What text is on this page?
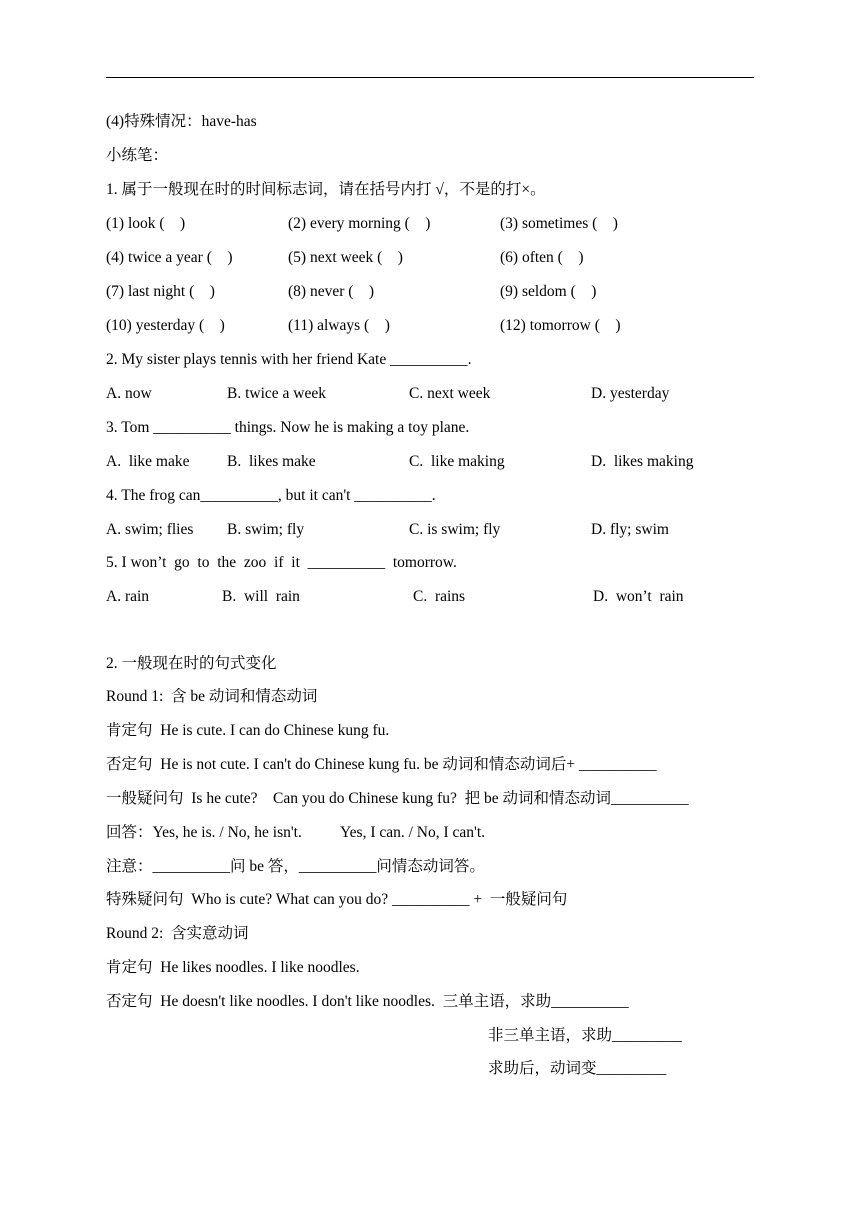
(4)特殊情况：have-has
小练笔：
1. 属于一般现在时的时间标志词，请在括号内打 √，不是的打×。
(1) look (    )	(2) every morning (    )	(3) sometimes (    )
(4) twice a year (    )	(5) next week (    )	(6) often (    )
(7) last night (    )	(8) never (    )	(9) seldom (    )
(10) yesterday (    )	(11) always (    )	(12) tomorrow (    )
2. My sister plays tennis with her friend Kate __________.
A. now	B. twice a week	C. next week	D. yesterday
3. Tom __________ things. Now he is making a toy plane.
A.  like make B.  likes make	C.  like making	D.  likes making
4. The frog can__________, but it can't __________.
A. swim; flies B. swim; fly	C. is swim; fly	D. fly; swim
5. I won’t  go  to  the  zoo  if  it  __________  tomorrow.
A. rain	B.  will  rain	C.  rains	D.  won’t  rain
2. 一般现在时的句式变化
Round 1:  含 be 动词和情态动词
肯定句  He is cute. I can do Chinese kung fu.
否定句  He is not cute. I can't do Chinese kung fu. be 动词和情态动词后+ __________
一般疑问句  Is he cute?    Can you do Chinese kung fu?  把 be 动词和情态动词__________
回答：Yes, he is. / No, he isn't.          Yes, I can. / No, I can't.
注意：__________问 be 答，__________问情态动词答。
特殊疑问句  Who is cute? What can you do? __________ +  一般疑问句
Round 2:  含实意动词
肯定句  He likes noodles. I like noodles.
否定句  He doesn't like noodles. I don't like noodles.  三单主语，求助__________
非三单主语，求助_________
求助后，动词变_________
